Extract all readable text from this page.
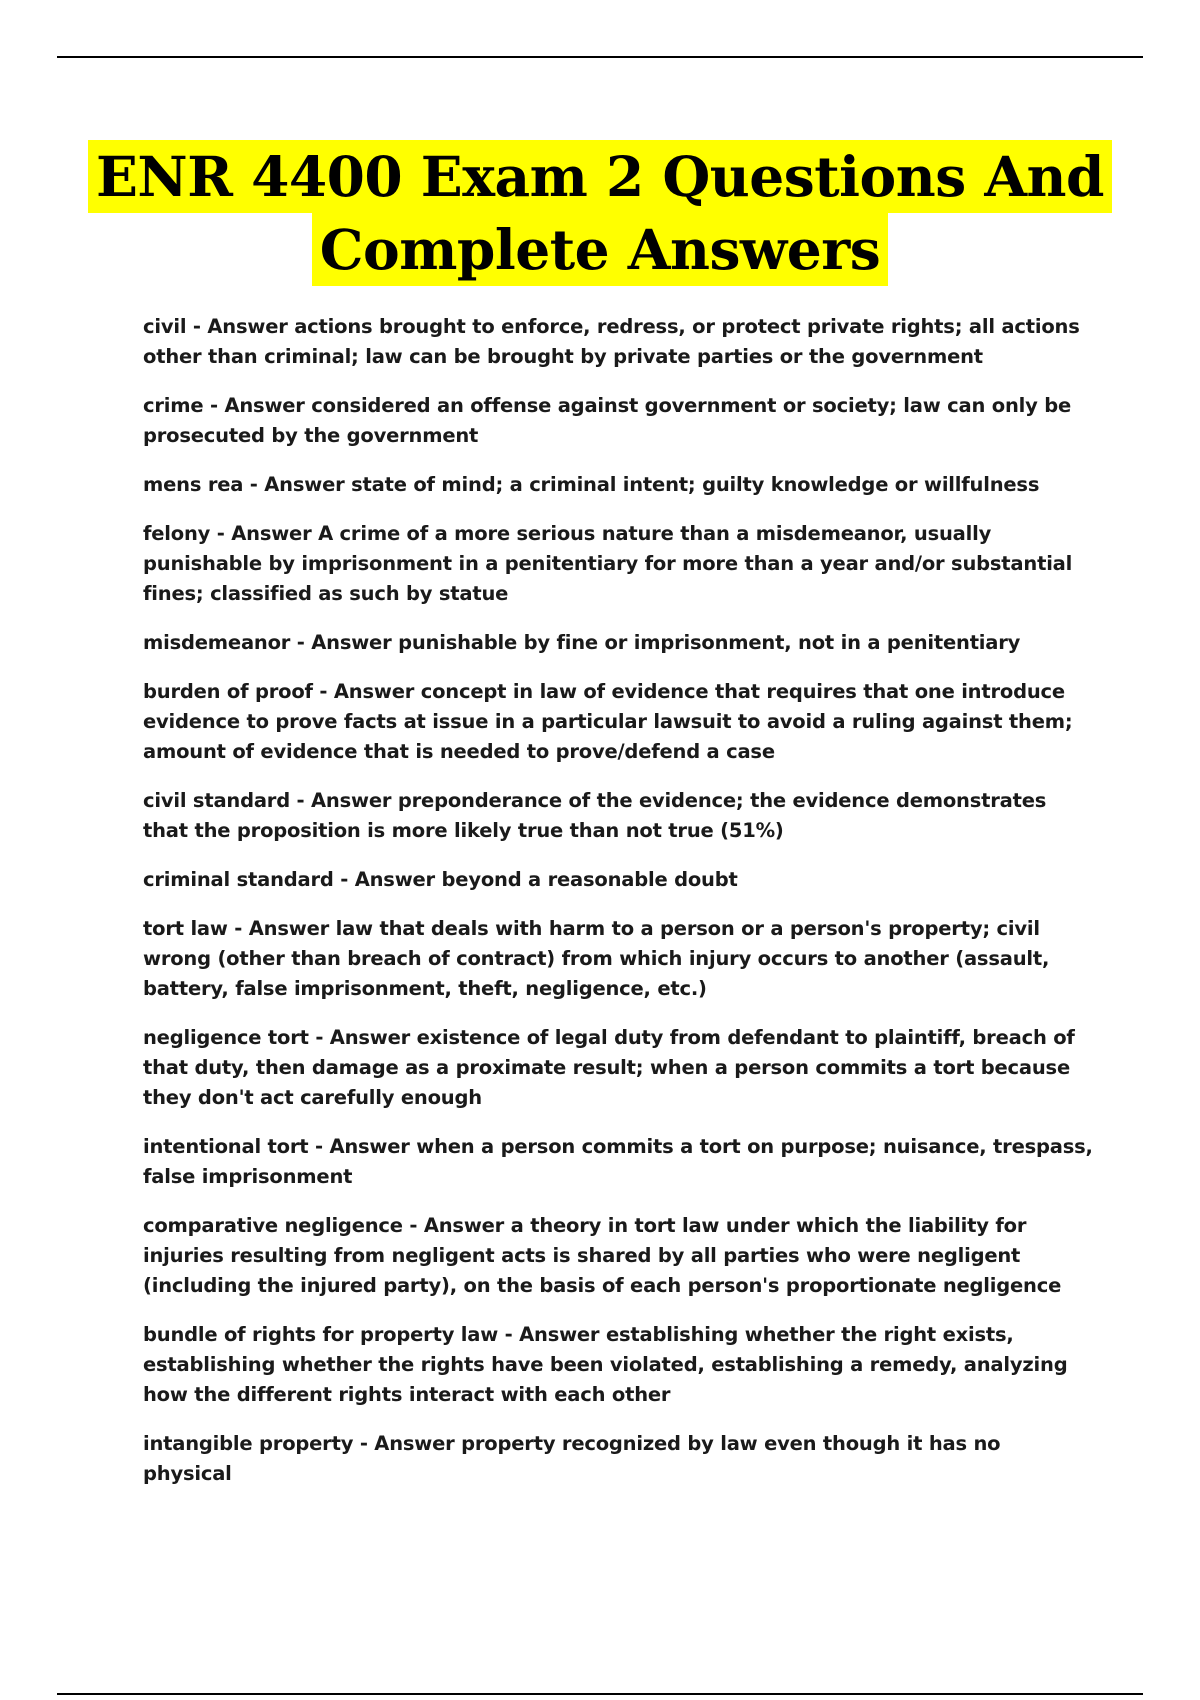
ENR 4400 Exam 2 Questions And
Complete Answers

civil - Answer actions brought to enforce, redress, or protect private rights; all actions other than criminal; law can be brought by private parties or the government

crime - Answer considered an offense against government or society; law can only be prosecuted by the government

mens rea - Answer state of mind; a criminal intent; guilty knowledge or willfulness

felony - Answer A crime of a more serious nature than a misdemeanor, usually punishable by imprisonment in a penitentiary for more than a year and/or substantial fines; classified as such by statue

misdemeanor - Answer punishable by fine or imprisonment, not in a penitentiary

burden of proof - Answer concept in law of evidence that requires that one introduce evidence to prove facts at issue in a particular lawsuit to avoid a ruling against them; amount of evidence that is needed to prove/defend a case

civil standard - Answer preponderance of the evidence; the evidence demonstrates that the proposition is more likely true than not true (51%)

criminal standard - Answer beyond a reasonable doubt

tort law - Answer law that deals with harm to a person or a person's property; civil wrong (other than breach of contract) from which injury occurs to another (assault, battery, false imprisonment, theft, negligence, etc.)

negligence tort - Answer existence of legal duty from defendant to plaintiff, breach of that duty, then damage as a proximate result; when a person commits a tort because they don't act carefully enough

intentional tort - Answer when a person commits a tort on purpose; nuisance, trespass, false imprisonment

comparative negligence - Answer a theory in tort law under which the liability for injuries resulting from negligent acts is shared by all parties who were negligent (including the injured party), on the basis of each person's proportionate negligence

bundle of rights for property law - Answer establishing whether the right exists, establishing whether the rights have been violated, establishing a remedy, analyzing how the different rights interact with each other

intangible property - Answer property recognized by law even though it has no physical
